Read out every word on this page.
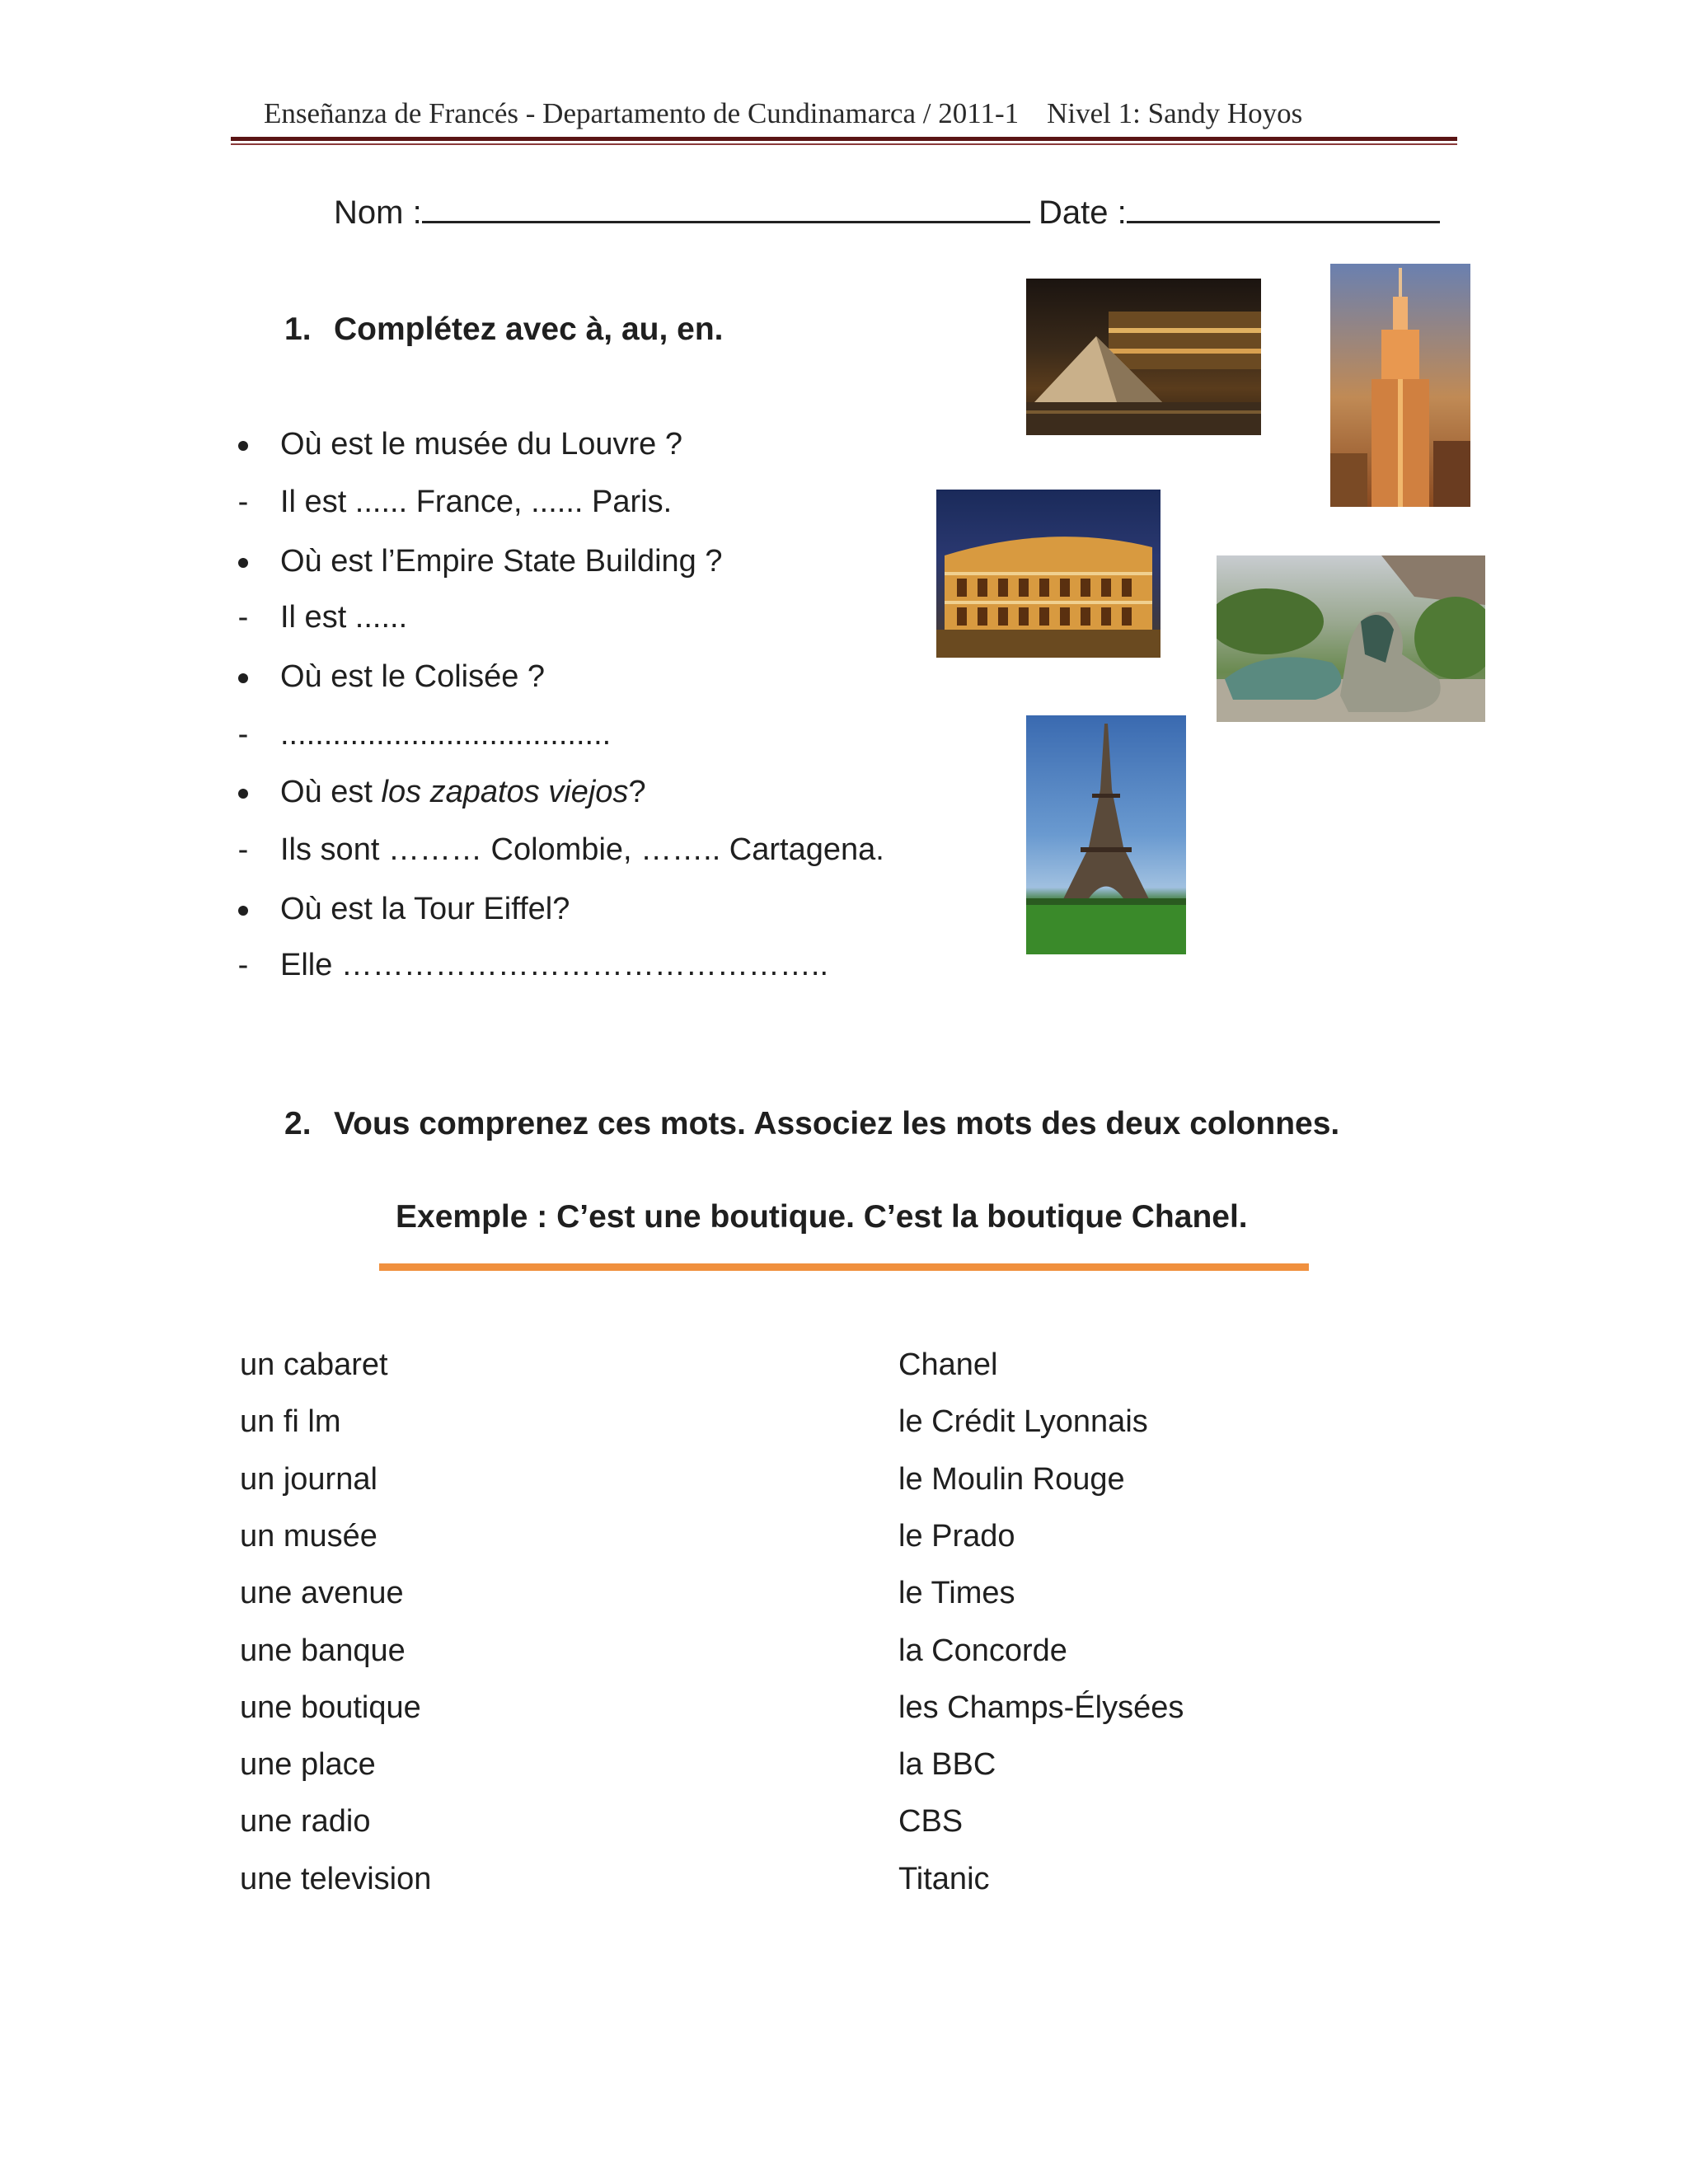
Enseñanza de Francés - Departamento de Cundinamarca / 2011-1 Nivel 1: Sandy Hoyos
Nom :	Date :
1. Complétez avec à, au, en.
Où est le musée du Louvre ?
- Il est ...... France, ...... Paris.
Où est l’Empire State Building ?
- Il est ......
Où est le Colisée ?
- ......................................
Où est los zapatos viejos?
- Ils sont ……… Colombie, …….. Cartagena.
Où est la Tour Eiffel?
- Elle ………………………………………..
2. Vous comprenez ces mots. Associez les mots des deux colonnes.
Exemple : C’est une boutique. C’est la boutique Chanel.
un cabaret
un fi lm
un journal
un musée
une avenue
une banque
une boutique
une place
une radio
une television
Chanel
le Crédit Lyonnais
le Moulin Rouge
le Prado
le Times
la Concorde
les Champs-Élysées
la BBC
CBS
Titanic
